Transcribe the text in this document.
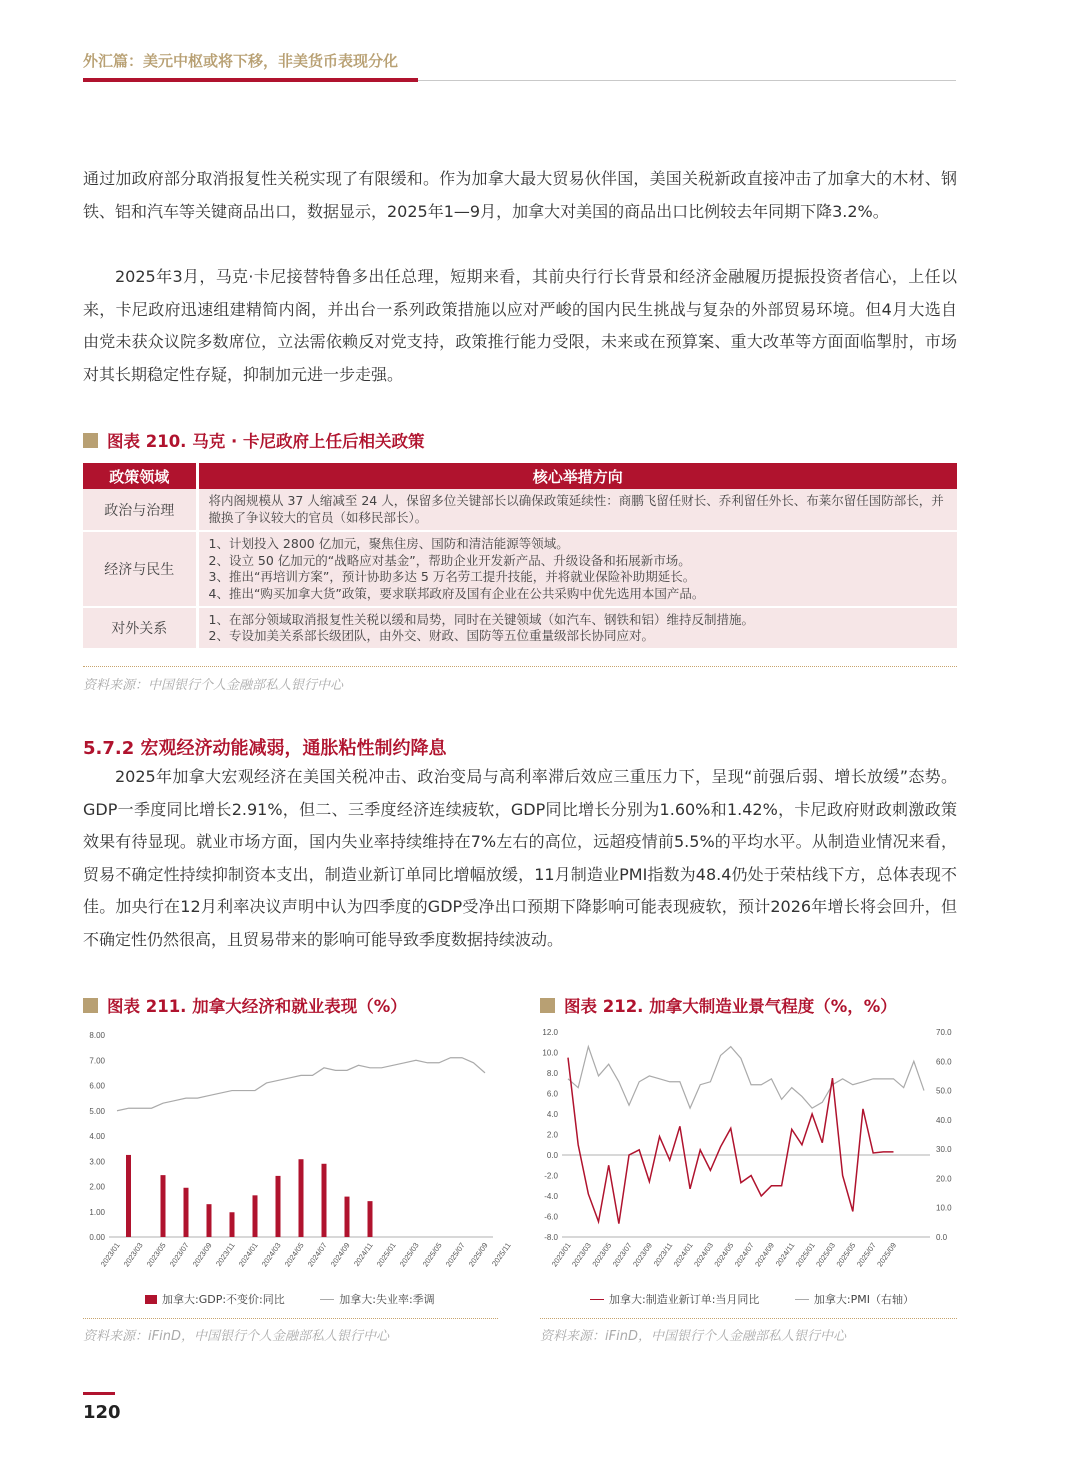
外汇篇：美元中枢或将下移，非美货币表现分化

通过加政府部分取消报复性关税实现了有限缓和。作为加拿大最大贸易伙伴国，美国关税新政直接冲击了加拿大的木材、钢铁、铝和汽车等关键商品出口，数据显示，2025年1—9月，加拿大对美国的商品出口比例较去年同期下降3.2%。

2025年3月，马克·卡尼接替特鲁多出任总理，短期来看，其前央行行长背景和经济金融履历提振投资者信心，上任以来，卡尼政府迅速组建精简内阁，并出台一系列政策措施以应对严峻的国内民生挑战与复杂的外部贸易环境。但4月大选自由党未获众议院多数席位，立法需依赖反对党支持，政策推行能力受限，未来或在预算案、重大改革等方面面临掣肘，市场对其长期稳定性存疑，抑制加元进一步走强。

图表 210. 马克 · 卡尼政府上任后相关政策
政策领域	核心举措方向
政治与治理	将内阁规模从 37 人缩减至 24 人，保留多位关键部长以确保政策延续性：商鹏飞留任财长、乔利留任外长、布莱尔留任国防部长，并撤换了争议较大的官员（如移民部长）。

经济与民生	1、计划投入 2800 亿加元，聚焦住房、国防和清洁能源等领域。
2、设立 50 亿加元的“战略应对基金”，帮助企业开发新产品、升级设备和拓展新市场。
3、推出“再培训方案”，预计协助多达 5 万名劳工提升技能，并将就业保险补助期延长。
4、推出“购买加拿大货”政策，要求联邦政府及国有企业在公共采购中优先选用本国产品。

对外关系	1、在部分领域取消报复性关税以缓和局势，同时在关键领域（如汽车、钢铁和铝）维持反制措施。
2、专设加美关系部长级团队，由外交、财政、国防等五位重量级部长协同应对。
资料来源：中国银行个人金融部私人银行中心
5.7.2 宏观经济动能减弱，通胀粘性制约降息

2025年加拿大宏观经济在美国关税冲击、政治变局与高利率滞后效应三重压力下，呈现“前强后弱、增长放缓”态势。GDP一季度同比增长2.91%，但二、三季度经济连续疲软，GDP同比增长分别为1.60%和1.42%，卡尼政府财政刺激政策效果有待显现。就业市场方面，国内失业率持续维持在7%左右的高位，远超疫情前5.5%的平均水平。从制造业情况来看，贸易不确定性持续抑制资本支出，制造业新订单同比增幅放缓，11月制造业PMI指数为48.4仍处于荣枯线下方，总体表现不佳。加央行在12月利率决议声明中认为四季度的GDP受净出口预期下降影响可能表现疲软，预计2026年增长将会回升，但不确定性仍然很高，且贸易带来的影响可能导致季度数据持续波动。

图表 211. 加拿大经济和就业表现（%）
8.00
7.00
6.00
5.00
4.00
3.00
2.00
1.00
0.00
2023/01 2023/03 2023/05 2023/07 2023/09 2023/11 2024/01 2024/03 2024/05 2024/07 2024/09 2024/11 2025/01 2025/03 2025/05 2025/07 2025/09 2025/11
加拿大:GDP:不变价:同比	加拿大:失业率:季调
资料来源：iFinD，中国银行个人金融部私人银行中心
图表 212. 加拿大制造业景气程度（%，%）
12.0
10.0
8.0
6.0
4.0
2.0
0.0
-2.0
-4.0
-6.0
-8.0
70.0
60.0
50.0
40.0
30.0
20.0
10.0
0.0
2023/01
2023/03
2023/05
2023/07
2023/09
2023/11
2024/01
2024/03
2024/05
2024/07
2024/09
2024/11
2025/01
2025/03
2025/05
2025/07
2025/09
加拿大:制造业新订单:当月同比	加拿大:PMI（右轴）
资料来源：iFinD，中国银行个人金融部私人银行中心
120
